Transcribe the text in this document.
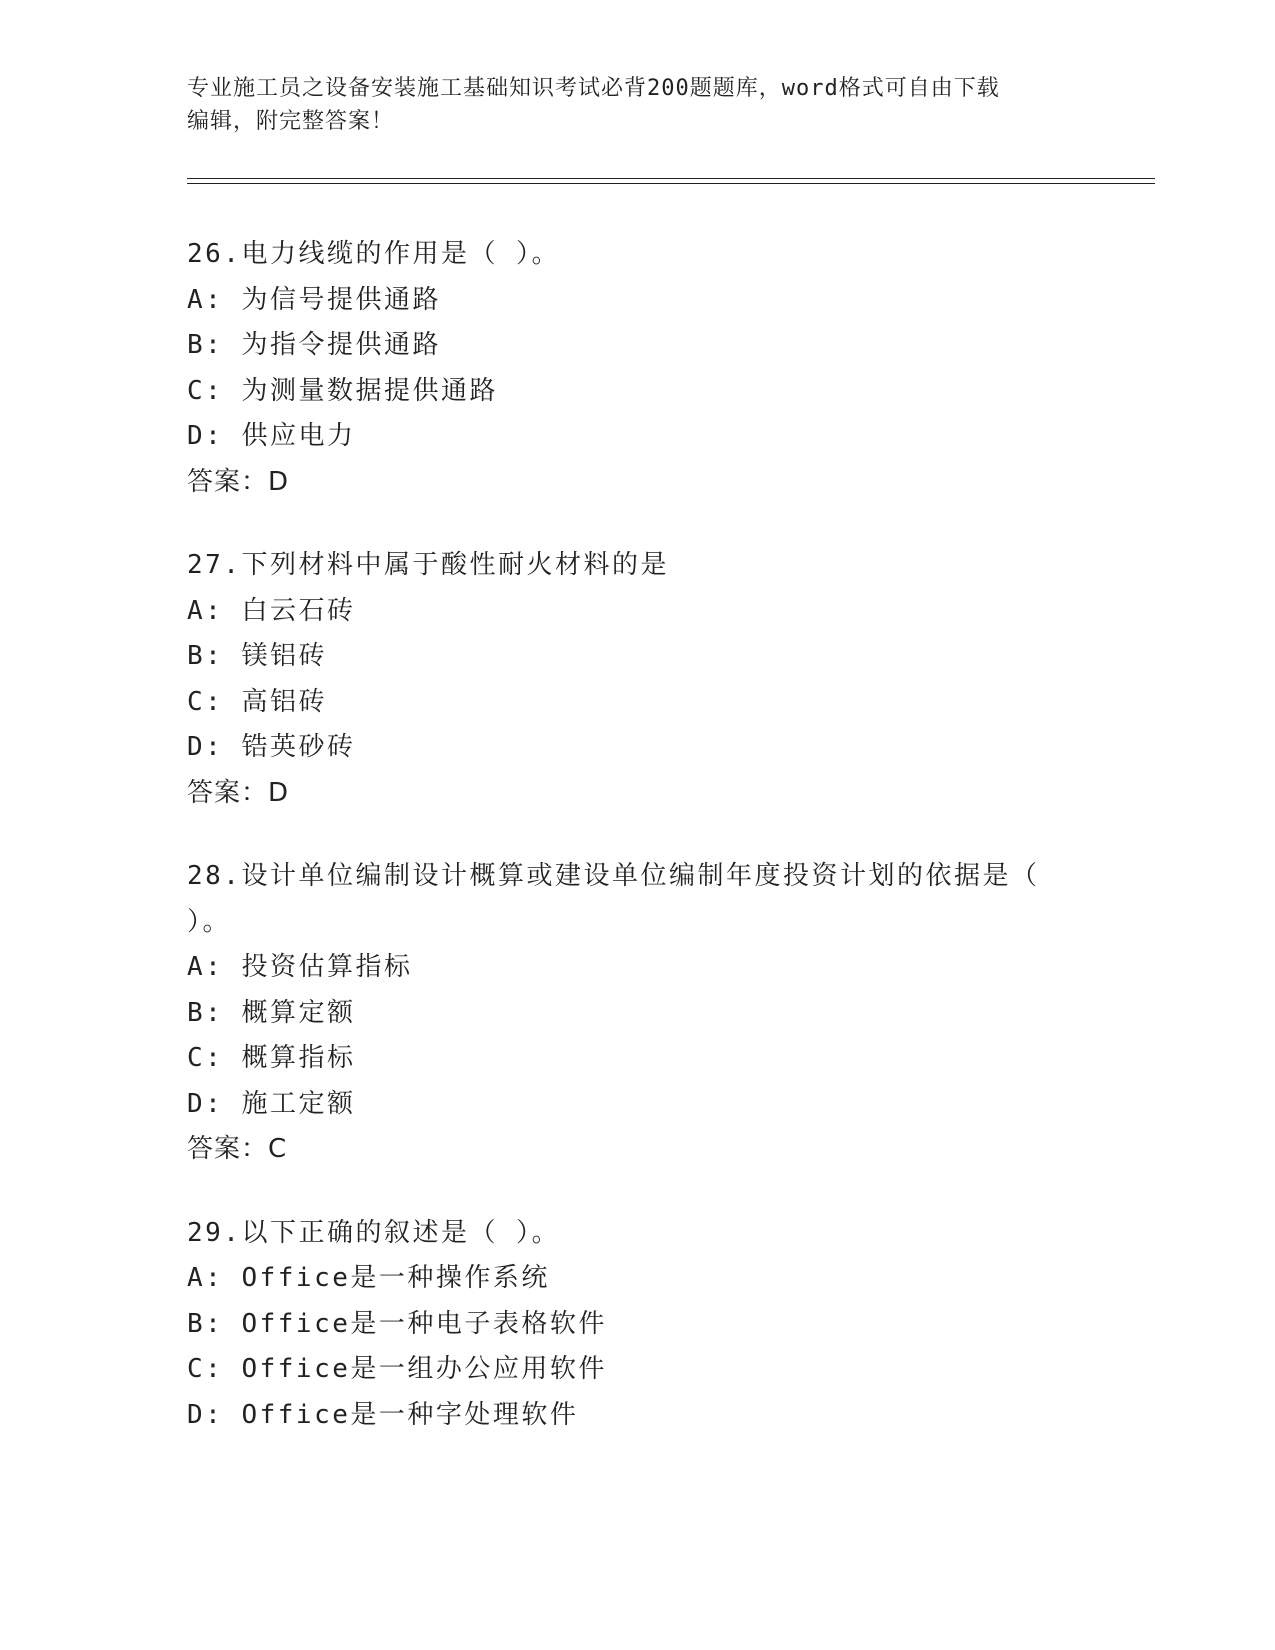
专业施工员之设备安装施工基础知识考试必背200题题库，word格式可自由下载
编辑，附完整答案！
26.电力线缆的作用是（ ）。
A: 为信号提供通路
B: 为指令提供通路
C: 为测量数据提供通路
D: 供应电力
答案：D
27.下列材料中属于酸性耐火材料的是
A: 白云石砖
B: 镁铝砖
C: 高铝砖
D: 锆英砂砖
答案：D
28.设计单位编制设计概算或建设单位编制年度投资计划的依据是（
）。
A: 投资估算指标
B: 概算定额
C: 概算指标
D: 施工定额
答案：C
29.以下正确的叙述是（ ）。
A: Office是一种操作系统
B: Office是一种电子表格软件
C: Office是一组办公应用软件
D: Office是一种字处理软件
